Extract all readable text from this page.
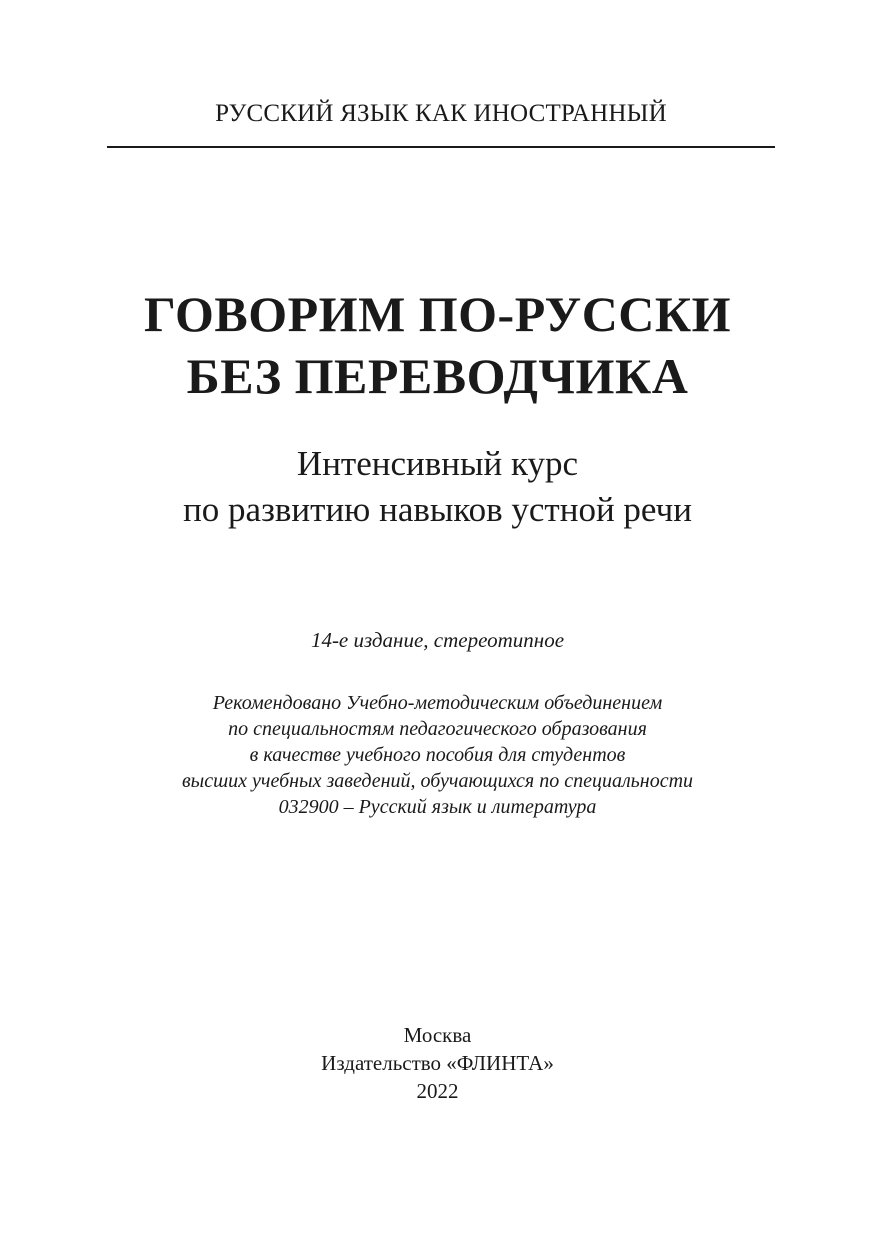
РУССКИЙ ЯЗЫК КАК ИНОСТРАННЫЙ
ГОВОРИМ ПО-РУССКИ
БЕЗ ПЕРЕВОДЧИКА
Интенсивный курс
по развитию навыков устной речи
14-е издание, стереотипное
Рекомендовано Учебно-методическим объединением
по специальностям педагогического образования
в качестве учебного пособия для студентов
высших учебных заведений, обучающихся по специальности
032900 – Русский язык и литература
Москва
Издательство «ФЛИНТА»
2022
